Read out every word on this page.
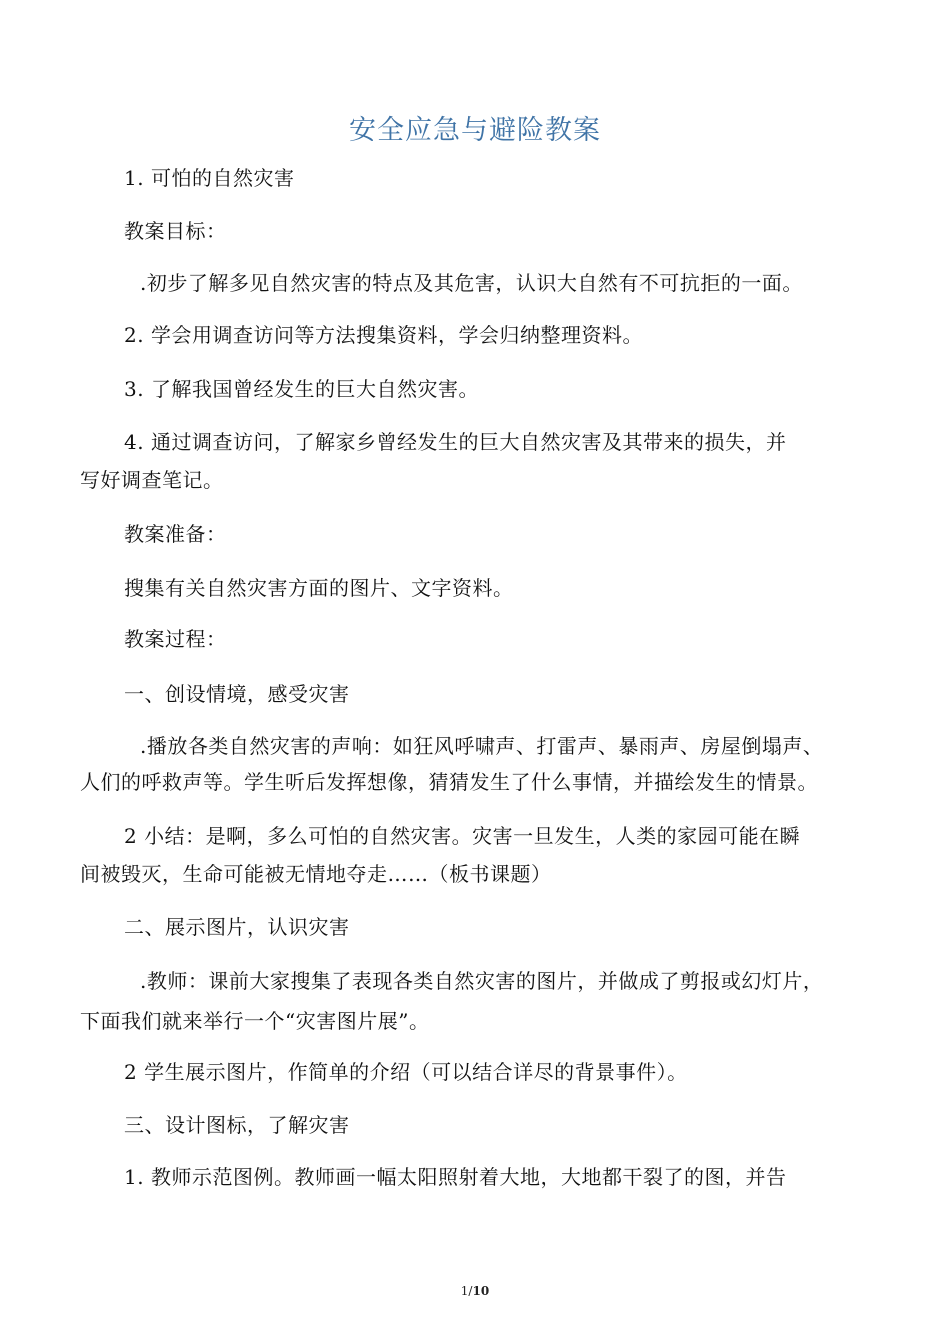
安全应急与避险教案
1. 可怕的自然灾害
教案目标：
.初步了解多见自然灾害的特点及其危害，认识大自然有不可抗拒的一面。
2. 学会用调查访问等方法搜集资料，学会归纳整理资料。
3. 了解我国曾经发生的巨大自然灾害。
4. 通过调查访问，了解家乡曾经发生的巨大自然灾害及其带来的损失，并
写好调查笔记。
教案准备：
搜集有关自然灾害方面的图片、文字资料。
教案过程：
一、创设情境，感受灾害
.播放各类自然灾害的声响：如狂风呼啸声、打雷声、暴雨声、房屋倒塌声、
人们的呼救声等。学生听后发挥想像，猜猜发生了什么事情，并描绘发生的情景。
2 小结：是啊，多么可怕的自然灾害。灾害一旦发生，人类的家园可能在瞬
间被毁灭，生命可能被无情地夺走……（板书课题）
二、展示图片，认识灾害
.教师：课前大家搜集了表现各类自然灾害的图片，并做成了剪报或幻灯片，
下面我们就来举行一个“灾害图片展”。
2 学生展示图片，作简单的介绍（可以结合详尽的背景事件）。
三、设计图标，了解灾害
1. 教师示范图例。教师画一幅太阳照射着大地，大地都干裂了的图，并告
1/10
